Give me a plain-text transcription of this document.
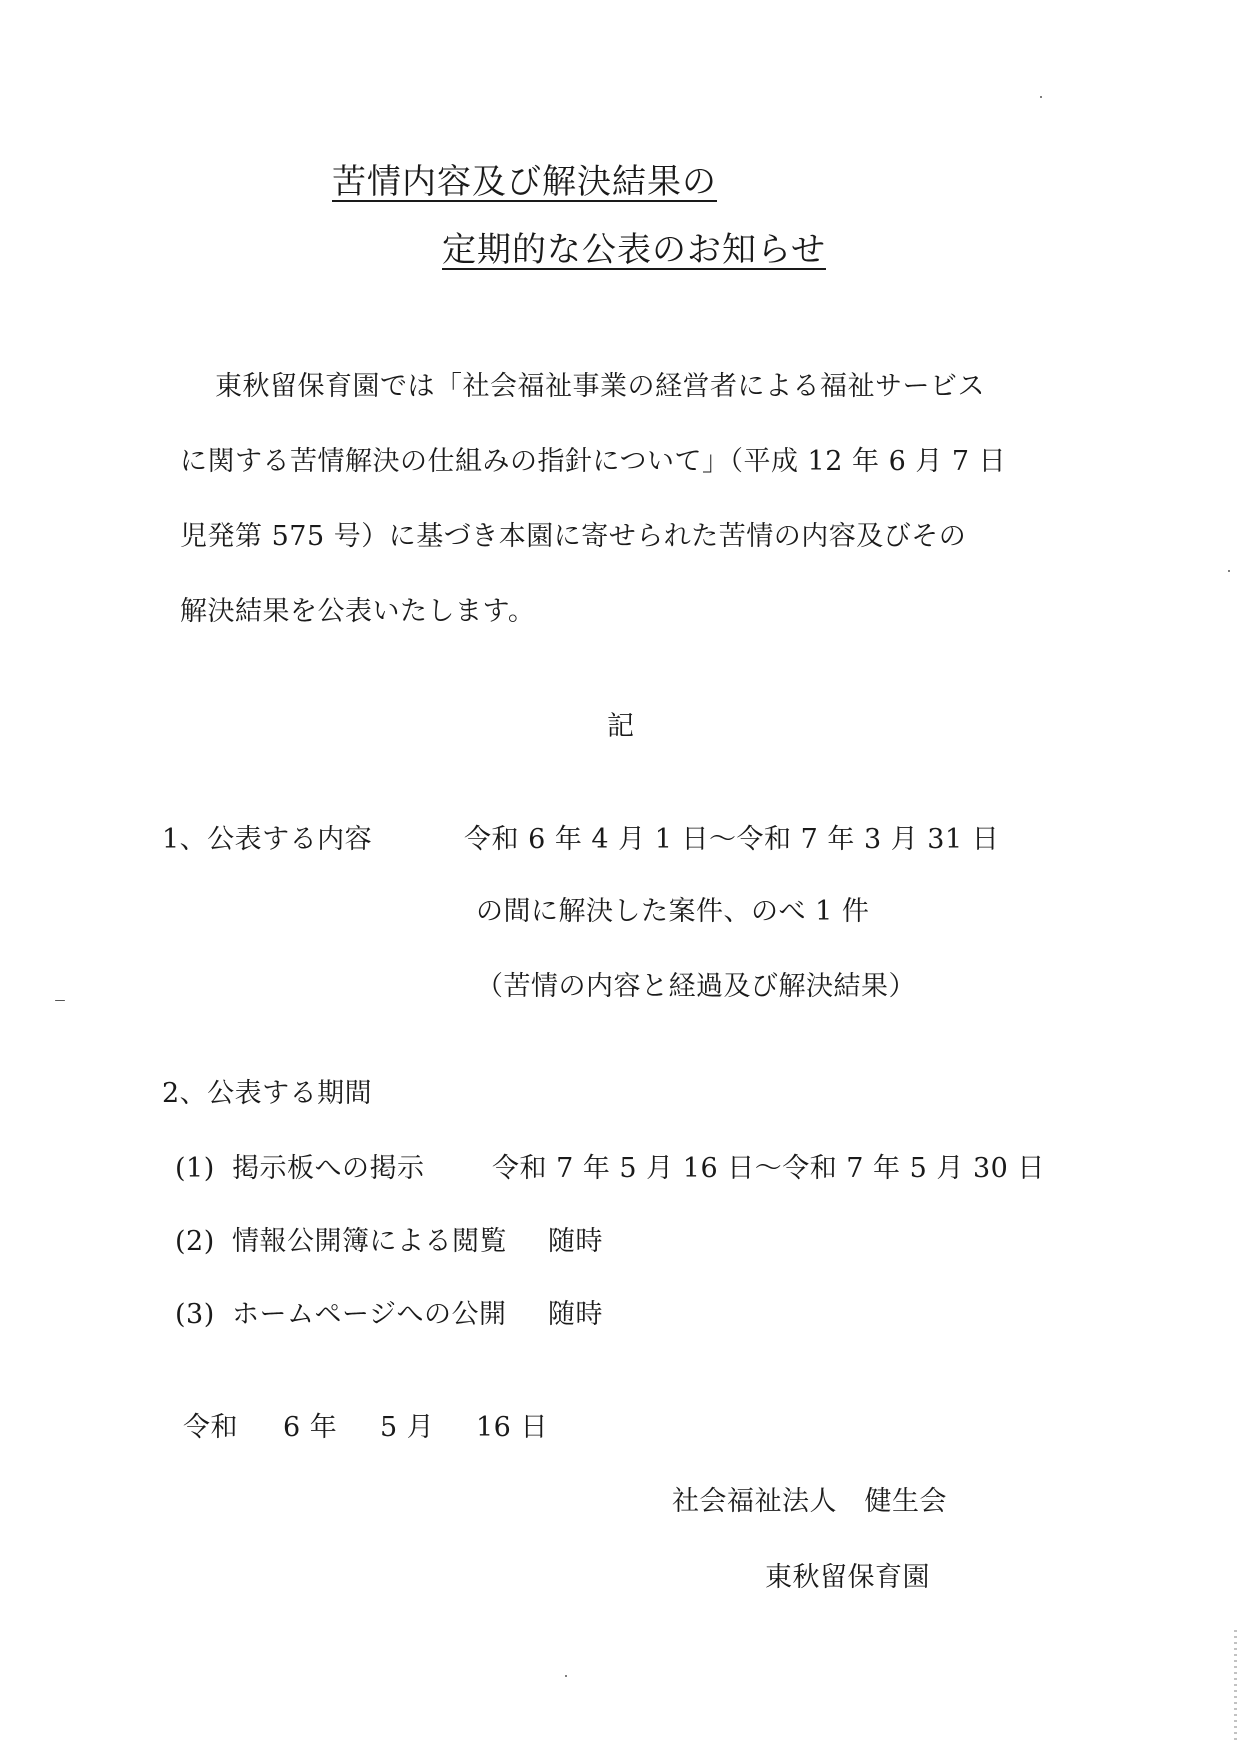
苦情内容及び解決結果の
定期的な公表のお知らせ
東秋留保育園では「社会福祉事業の経営者による福祉サービス
に関する苦情解決の仕組みの指針について」（平成 12 年 6 月 7 日
児発第 575 号）に基づき本園に寄せられた苦情の内容及びその
解決結果を公表いたします。
記
1、公表する内容	令和 6 年 4 月 1 日～令和 7 年 3 月 31 日
の間に解決した案件、のべ 1 件
（苦情の内容と経過及び解決結果）
2、公表する期間
(1) 掲示板への掲示	令和 7 年 5 月 16 日～令和 7 年 5 月 30 日
(2) 情報公開簿による閲覧 随時
(3) ホームページへの公開 随時
令和 6 年 5 月 16 日
社会福祉法人　健生会
東秋留保育園
